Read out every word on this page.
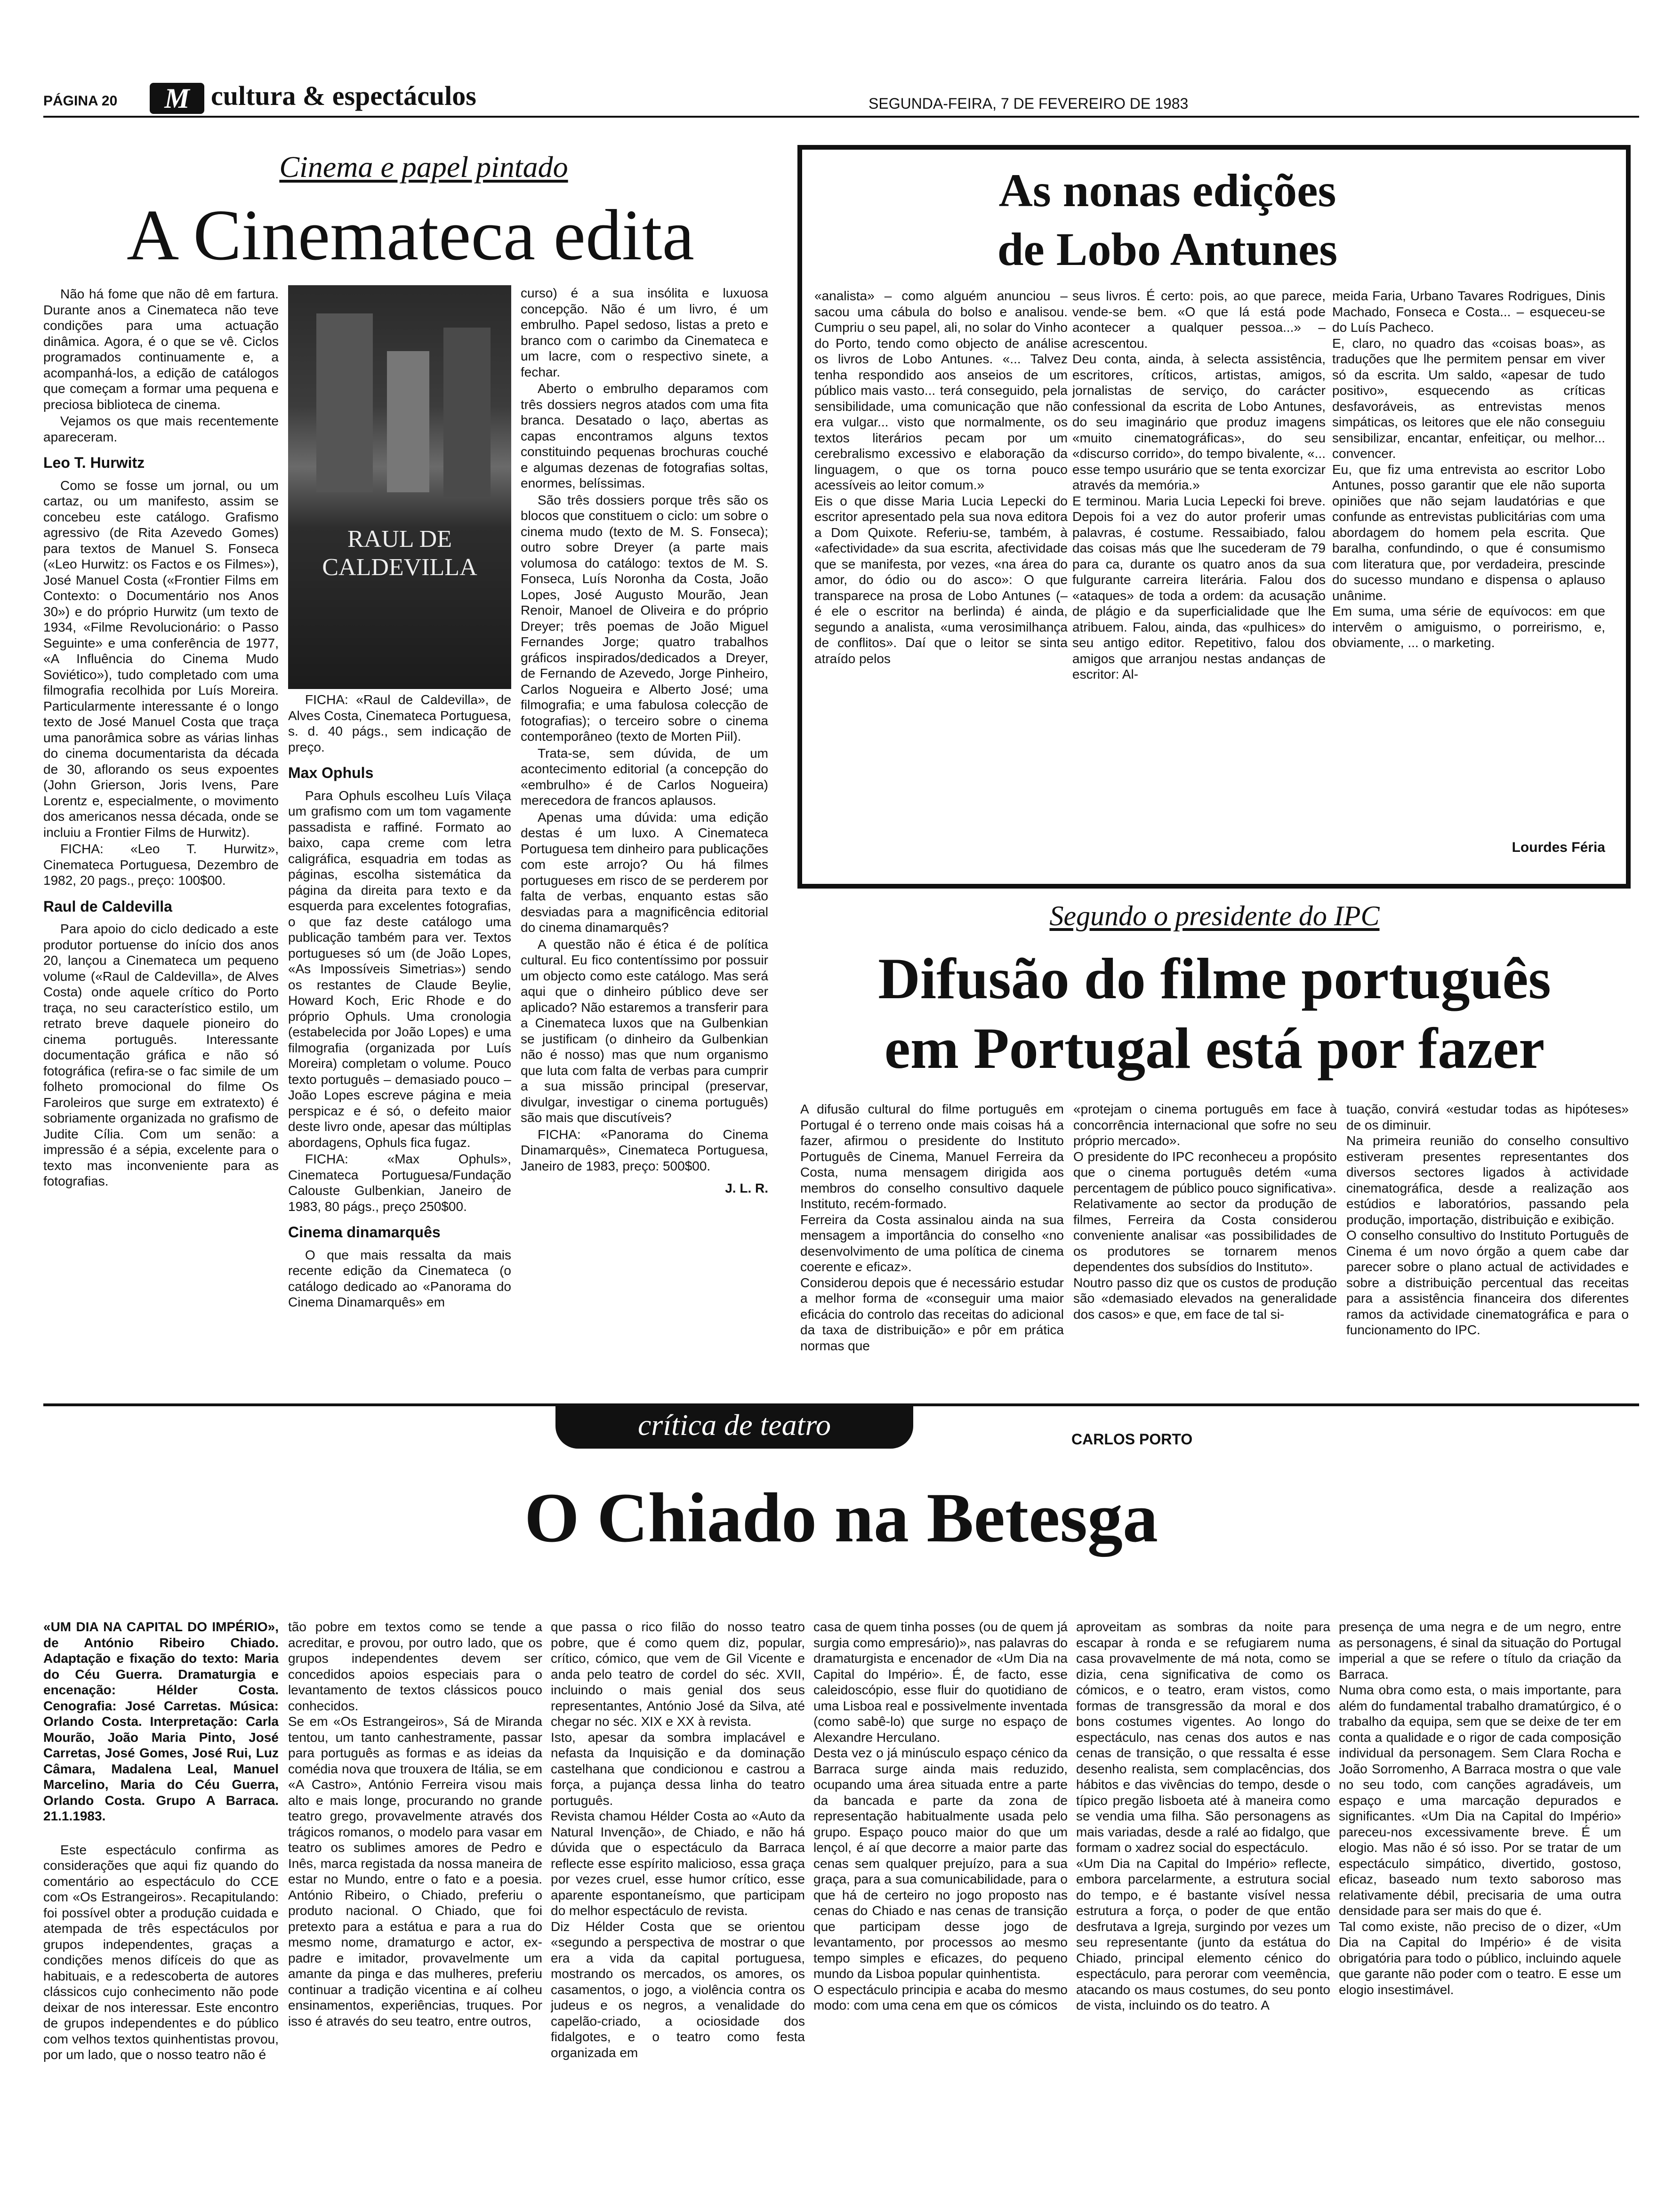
PÁGINA 20	M cultura & espectáculos	SEGUNDA-FEIRA, 7 DE FEVEREIRO DE 1983
Cinema e papel pintado
A Cinemateca edita

Não há fome que não dê em fartura. Durante anos a Cinemateca não teve condições para uma actuação dinâmica. Agora, é o que se vê. Ciclos programados continuamente e, a acompanhá-los, a edição de catálogos que começam a formar uma pequena e preciosa biblioteca de cinema.

Vejamos os que mais recentemente apareceram.

Leo T. Hurwitz

Como se fosse um jornal, ou um cartaz, ou um manifesto, assim se concebeu este catálogo. Grafismo agressivo (de Rita Azevedo Gomes) para textos de Manuel S. Fonseca («Leo Hurwitz: os Factos e os Filmes»), José Manuel Costa («Frontier Films em Contexto: o Documentário nos Anos 30») e do próprio Hurwitz (um texto de 1934, «Filme Revolucionário: o Passo Seguinte» e uma conferência de 1977, «A Influência do Cinema Mudo Soviético»), tudo completado com uma filmografia recolhida por Luís Moreira. Particularmente interessante é o longo texto de José Manuel Costa que traça uma panorâmica sobre as várias linhas do cinema documentarista da década de 30, aflorando os seus expoentes (John Grierson, Joris Ivens, Pare Lorentz e, especialmente, o movimento dos americanos nessa década, onde se incluiu a Frontier Films de Hurwitz).

FICHA: «Leo T. Hurwitz», Cinemateca Portuguesa, Dezembro de 1982, 20 pags., preço: 100$00.

Raul de Caldevilla

Para apoio do ciclo dedicado a este produtor portuense do início dos anos 20, lançou a Cinemateca um pequeno volume («Raul de Caldevilla», de Alves Costa) onde aquele crítico do Porto traça, no seu característico estilo, um retrato breve daquele pioneiro do cinema português. Interessante documentação gráfica e não só fotográfica (refira-se o fac simile de um folheto promocional do filme Os Faroleiros que surge em extratexto) é sobriamente organizada no grafismo de Judite Cília. Com um senão: a impressão é a sépia, excelente para o texto mas inconveniente para as fotografias.

RAUL DE
CALDEVILLA

FICHA: «Raul de Caldevilla», de Alves Costa, Cinemateca Portuguesa, s. d. 40 págs., sem indicação de preço.

Max Ophuls

Para Ophuls escolheu Luís Vilaça um grafismo com um tom vagamente passadista e raffiné. Formato ao baixo, capa creme com letra caligráfica, esquadria em todas as páginas, escolha sistemática da página da direita para texto e da esquerda para excelentes fotografias, o que faz deste catálogo uma publicação também para ver. Textos portugueses só um (de João Lopes, «As Impossíveis Simetrias») sendo os restantes de Claude Beylie, Howard Koch, Eric Rhode e do próprio Ophuls. Uma cronologia (estabelecida por João Lopes) e uma filmografia (organizada por Luís Moreira) completam o volume. Pouco texto português – demasiado pouco – João Lopes escreve página e meia perspicaz e é só, o defeito maior deste livro onde, apesar das múltiplas abordagens, Ophuls fica fugaz.

FICHA: «Max Ophuls», Cinemateca Portuguesa/Fundação Calouste Gulbenkian, Janeiro de 1983, 80 págs., preço 250$00.

Cinema dinamarquês

O que mais ressalta da mais recente edição da Cinemateca (o catálogo dedicado ao «Panorama do Cinema Dinamarquês» em

curso) é a sua insólita e luxuosa concepção. Não é um livro, é um embrulho. Papel sedoso, listas a preto e branco com o carimbo da Cinemateca e um lacre, com o respectivo sinete, a fechar.

Aberto o embrulho deparamos com três dossiers negros atados com uma fita branca. Desatado o laço, abertas as capas encontramos alguns textos constituindo pequenas brochuras couché e algumas dezenas de fotografias soltas, enormes, belíssimas.

São três dossiers porque três são os blocos que constituem o ciclo: um sobre o cinema mudo (texto de M. S. Fonseca); outro sobre Dreyer (a parte mais volumosa do catálogo: textos de M. S. Fonseca, Luís Noronha da Costa, João Lopes, José Augusto Mourão, Jean Renoir, Manoel de Oliveira e do próprio Dreyer; três poemas de João Miguel Fernandes Jorge; quatro trabalhos gráficos inspirados/dedicados a Dreyer, de Fernando de Azevedo, Jorge Pinheiro, Carlos Nogueira e Alberto José; uma filmografia; e uma fabulosa colecção de fotografias); o terceiro sobre o cinema contemporâneo (texto de Morten Piil).

Trata-se, sem dúvida, de um acontecimento editorial (a concepção do «embrulho» é de Carlos Nogueira) merecedora de francos aplausos.

Apenas uma dúvida: uma edição destas é um luxo. A Cinemateca Portuguesa tem dinheiro para publicações com este arrojo? Ou há filmes portugueses em risco de se perderem por falta de verbas, enquanto estas são desviadas para a magnificência editorial do cinema dinamarquês?

A questão não é ética é de política cultural. Eu fico contentíssimo por possuir um objecto como este catálogo. Mas será aqui que o dinheiro público deve ser aplicado? Não estaremos a transferir para a Cinemateca luxos que na Gulbenkian se justificam (o dinheiro da Gulbenkian não é nosso) mas que num organismo que luta com falta de verbas para cumprir a sua missão principal (preservar, divulgar, investigar o cinema português) são mais que discutíveis?

FICHA: «Panorama do Cinema Dinamarquês», Cinemateca Portuguesa, Janeiro de 1983, preço: 500$00.

J. L. R.

As nonas edições
de Lobo Antunes

«analista» – como alguém anunciou – sacou uma cábula do bolso e analisou. Cumpriu o seu papel, ali, no solar do Vinho do Porto, tendo como objecto de análise os livros de Lobo Antunes. «... Talvez tenha respondido aos anseios de um público mais vasto... terá conseguido, pela sensibilidade, uma comunicação que não era vulgar... visto que normalmente, os textos literários pecam por um cerebralismo excessivo e elaboração da linguagem, o que os torna pouco acessíveis ao leitor comum.»
Eis o que disse Maria Lucia Lepecki do escritor apresentado pela sua nova editora a Dom Quixote. Referiu-se, também, à «afectividade» da sua escrita, afectividade que se manifesta, por vezes, «na área do amor, do ódio ou do asco»: O que transparece na prosa de Lobo Antunes (– é ele o escritor na berlinda) é ainda, segundo a analista, «uma verosimilhança de conflitos». Daí que o leitor se sinta atraído pelos

seus livros. É certo: pois, ao que parece, vende-se bem. «O que lá está pode acontecer a qualquer pessoa...» – acrescentou.
Deu conta, ainda, à selecta assistência, escritores, críticos, artistas, amigos, jornalistas de serviço, do carácter confessional da escrita de Lobo Antunes, do seu imaginário que produz imagens «muito cinematográficas», do seu «discurso corrido», do tempo bivalente, «... esse tempo usurário que se tenta exorcizar através da memória.»
E terminou. Maria Lucia Lepecki foi breve. Depois foi a vez do autor proferir umas palavras, é costume. Ressaibiado, falou das coisas más que lhe sucederam de 79 para ca, durante os quatro anos da sua fulgurante carreira literária. Falou dos «ataques» de toda a ordem: da acusação de plágio e da superficialidade que lhe atribuem. Falou, ainda, das «pulhices» do seu antigo editor. Repetitivo, falou dos amigos que arranjou nestas andanças de escritor: Al-

meida Faria, Urbano Tavares Rodrigues, Dinis Machado, Fonseca e Costa... – esqueceu-se do Luís Pacheco.
E, claro, no quadro das «coisas boas», as traduções que lhe permitem pensar em viver só da escrita. Um saldo, «apesar de tudo positivo», esquecendo as críticas desfavoráveis, as entrevistas menos simpáticas, os leitores que ele não conseguiu sensibilizar, encantar, enfeitiçar, ou melhor... convencer.
Eu, que fiz uma entrevista ao escritor Lobo Antunes, posso garantir que ele não suporta opiniões que não sejam laudatórias e que confunde as entrevistas publicitárias com uma abordagem do homem pela escrita. Que baralha, confundindo, o que é consumismo com literatura que, por verdadeira, prescinde do sucesso mundano e dispensa o aplauso unânime.
Em suma, uma série de equívocos: em que intervêm o amiguismo, o porreirismo, e, obviamente, ... o marketing.

Lourdes Féria
Segundo o presidente do IPC
Difusão do filme português
em Portugal está por fazer

A difusão cultural do filme português em Portugal é o terreno onde mais coisas há a fazer, afirmou o presidente do Instituto Português de Cinema, Manuel Ferreira da Costa, numa mensagem dirigida aos membros do conselho consultivo daquele Instituto, recém-formado.
Ferreira da Costa assinalou ainda na sua mensagem a importância do conselho «no desenvolvimento de uma política de cinema coerente e eficaz».
Considerou depois que é necessário estudar a melhor forma de «conseguir uma maior eficácia do controlo das receitas do adicional da taxa de distribuição» e pôr em prática normas que

«protejam o cinema português em face à concorrência internacional que sofre no seu próprio mercado».
O presidente do IPC reconheceu a propósito que o cinema português detém «uma percentagem de público pouco significativa».
Relativamente ao sector da produção de filmes, Ferreira da Costa considerou conveniente analisar «as possibilidades de os produtores se tornarem menos dependentes dos subsídios do Instituto».
Noutro passo diz que os custos de produção são «demasiado elevados na generalidade dos casos» e que, em face de tal si-

tuação, convirá «estudar todas as hipóteses» de os diminuir.
Na primeira reunião do conselho consultivo estiveram presentes representantes dos diversos sectores ligados à actividade cinematográfica, desde a realização aos estúdios e laboratórios, passando pela produção, importação, distribuição e exibição.
O conselho consultivo do Instituto Português de Cinema é um novo órgão a quem cabe dar parecer sobre o plano actual de actividades e sobre a distribuição percentual das receitas para a assistência financeira dos diferentes ramos da actividade cinematográfica e para o funcionamento do IPC.

crítica de teatro	CARLOS PORTO
O Chiado na Betesga

«UM DIA NA CAPITAL DO IMPÉRIO», de António Ribeiro Chiado. Adaptação e fixação do texto: Maria do Céu Guerra. Dramaturgia e encenação: Hélder Costa. Cenografia: José Carretas. Música: Orlando Costa. Interpretação: Carla Mourão, João Maria Pinto, José Carretas, José Gomes, José Rui, Luz Câmara, Madalena Leal, Manuel Marcelino, Maria do Céu Guerra, Orlando Costa. Grupo A Barraca. 21.1.1983.

Este espectáculo confirma as considerações que aqui fiz quando do comentário ao espectáculo do CCE com «Os Estrangeiros». Recapitulando: foi possível obter a produção cuidada e atempada de três espectáculos por grupos independentes, graças a condições menos difíceis do que as habituais, e a redescoberta de autores clássicos cujo conhecimento não pode deixar de nos interessar. Este encontro de grupos independentes e do público com velhos textos quinhentistas provou, por um lado, que o nosso teatro não é

tão pobre em textos como se tende a acreditar, e provou, por outro lado, que os grupos independentes devem ser concedidos apoios especiais para o levantamento de textos clássicos pouco conhecidos.
Se em «Os Estrangeiros», Sá de Miranda tentou, um tanto canhestramente, passar para português as formas e as ideias da comédia nova que trouxera de Itália, se em «A Castro», António Ferreira visou mais alto e mais longe, procurando no grande teatro grego, provavelmente através dos trágicos romanos, o modelo para vasar em teatro os sublimes amores de Pedro e Inês, marca registada da nossa maneira de estar no Mundo, entre o fato e a poesia. António Ribeiro, o Chiado, preferiu o produto nacional. O Chiado, que foi pretexto para a estátua e para a rua do mesmo nome, dramaturgo e actor, ex-padre e imitador, provavelmente um amante da pinga e das mulheres, preferiu continuar a tradição vicentina e aí colheu ensinamentos, experiências, truques. Por isso é através do seu teatro, entre outros,

que passa o rico filão do nosso teatro pobre, que é como quem diz, popular, crítico, cómico, que vem de Gil Vicente e anda pelo teatro de cordel do séc. XVII, incluindo o mais genial dos seus representantes, António José da Silva, até chegar no séc. XIX e XX à revista.
Isto, apesar da sombra implacável e nefasta da Inquisição e da dominação castelhana que condicionou e castrou a força, a pujança dessa linha do teatro português.
Revista chamou Hélder Costa ao «Auto da Natural Invenção», de Chiado, e não há dúvida que o espectáculo da Barraca reflecte esse espírito malicioso, essa graça por vezes cruel, esse humor crítico, esse aparente espontaneísmo, que participam do melhor espectáculo de revista.
Diz Hélder Costa que se orientou «segundo a perspectiva de mostrar o que era a vida da capital portuguesa, mostrando os mercados, os amores, os casamentos, o jogo, a violência contra os judeus e os negros, a venalidade do capelão-criado, a ociosidade dos fidalgotes, e o teatro como festa organizada em

casa de quem tinha posses (ou de quem já surgia como empresário)», nas palavras do dramaturgista e encenador de «Um Dia na Capital do Império». É, de facto, esse caleidoscópio, esse fluir do quotidiano de uma Lisboa real e possivelmente inventada (como sabê-lo) que surge no espaço de Alexandre Herculano.
Desta vez o já minúsculo espaço cénico da Barraca surge ainda mais reduzido, ocupando uma área situada entre a parte da bancada e parte da zona de representação habitualmente usada pelo grupo. Espaço pouco maior do que um lençol, é aí que decorre a maior parte das cenas sem qualquer prejuízo, para a sua graça, para a sua comunicabilidade, para o que há de certeiro no jogo proposto nas cenas do Chiado e nas cenas de transição que participam desse jogo de levantamento, por processos ao mesmo tempo simples e eficazes, do pequeno mundo da Lisboa popular quinhentista.
O espectáculo principia e acaba do mesmo modo: com uma cena em que os cómicos

aproveitam as sombras da noite para escapar à ronda e se refugiarem numa casa provavelmente de má nota, como se dizia, cena significativa de como os cómicos, e o teatro, eram vistos, como formas de transgressão da moral e dos bons costumes vigentes. Ao longo do espectáculo, nas cenas dos autos e nas cenas de transição, o que ressalta é esse desenho realista, sem complacências, dos hábitos e das vivências do tempo, desde o típico pregão lisboeta até à maneira como se vendia uma filha. São personagens as mais variadas, desde a ralé ao fidalgo, que formam o xadrez social do espectáculo.
«Um Dia na Capital do Império» reflecte, embora parcelarmente, a estrutura social do tempo, e é bastante visível nessa estrutura a força, o poder de que então desfrutava a Igreja, surgindo por vezes um seu representante (junto da estátua do Chiado, principal elemento cénico do espectáculo, para perorar com veemência, atacando os maus costumes, do seu ponto de vista, incluindo os do teatro. A

presença de uma negra e de um negro, entre as personagens, é sinal da situação do Portugal imperial a que se refere o título da criação da Barraca.
Numa obra como esta, o mais importante, para além do fundamental trabalho dramatúrgico, é o trabalho da equipa, sem que se deixe de ter em conta a qualidade e o rigor de cada composição individual da personagem. Sem Clara Rocha e João Sorromenho, A Barraca mostra o que vale no seu todo, com canções agradáveis, um espaço e uma marcação depurados e significantes. «Um Dia na Capital do Império» pareceu-nos excessivamente breve. É um elogio. Mas não é só isso. Por se tratar de um espectáculo simpático, divertido, gostoso, eficaz, baseado num texto saboroso mas relativamente débil, precisaria de uma outra densidade para ser mais do que é.
Tal como existe, não preciso de o dizer, «Um Dia na Capital do Império» é de visita obrigatória para todo o público, incluindo aquele que garante não poder com o teatro. E esse um elogio insestimável.
